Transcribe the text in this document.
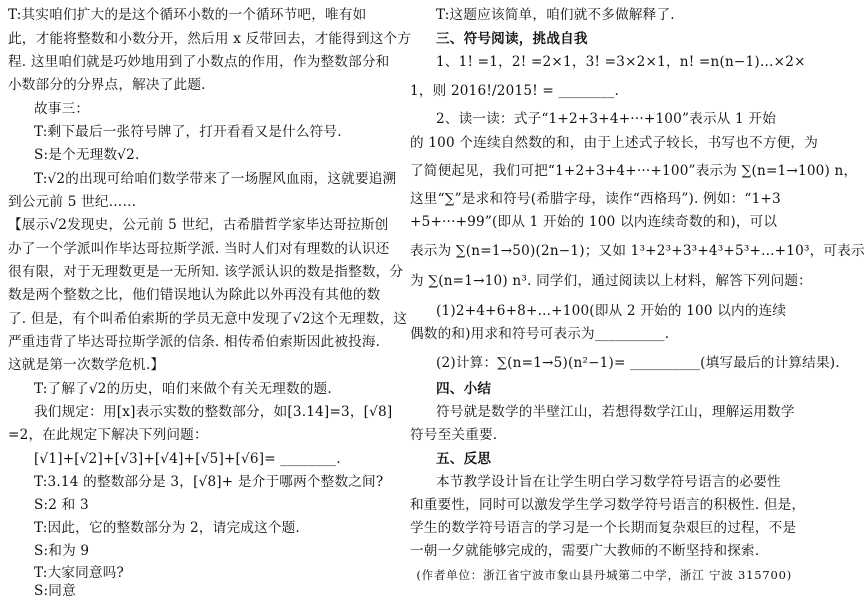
T:其实咱们扩大的是这个循环小数的一个循环节吧，唯有如
此，才能将整数和小数分开，然后用 x 反带回去，才能得到这个方
程. 这里咱们就是巧妙地用到了小数点的作用，作为整数部分和
小数部分的分界点，解决了此题.
故事三：
T:剩下最后一张符号牌了，打开看看又是什么符号.
S:是个无理数√2.
T:√2的出现可给咱们数学带来了一场腥风血雨，这就要追溯
到公元前 5 世纪……
【展示√2发现史，公元前 5 世纪，古希腊哲学家毕达哥拉斯创
办了一个学派叫作毕达哥拉斯学派. 当时人们对有理数的认识还
很有限，对于无理数更是一无所知. 该学派认识的数是指整数，分
数是两个整数之比，他们错误地认为除此以外再没有其他的数
了. 但是，有个叫希伯索斯的学员无意中发现了√2这个无理数，这
严重违背了毕达哥拉斯学派的信条. 相传希伯索斯因此被投海.
这就是第一次数学危机.】
T:了解了√2的历史，咱们来做个有关无理数的题.
我们规定：用[x]表示实数的整数部分，如[3.14]=3，[√8]
=2，在此规定下解决下列问题：
[√1]+[√2]+[√3]+[√4]+[√5]+[√6]= ________.
T:3.14 的整数部分是 3，[√8]+ 是介于哪两个整数之间?
S:2 和 3
T:因此，它的整数部分为 2，请完成这个题.
S:和为 9
T:大家同意吗?
S:同意
T:这题应该简单，咱们就不多做解释了.
三、符号阅读，挑战自我
1、1! =1，2! =2×1，3! =3×2×1，n! =n(n−1)…×2×
1，则 2016!/2015! = ________.
2、读一读：式子“1+2+3+4+···+100”表示从 1 开始
的 100 个连续自然数的和，由于上述式子较长，书写也不方便，为
了简便起见，我们可把“1+2+3+4+···+100”表示为 ∑(n=1→100) n，
这里“∑”是求和符号(希腊字母，读作“西格玛”). 例如：“1+3
+5+···+99”(即从 1 开始的 100 以内连续奇数的和)，可以
表示为 ∑(n=1→50)(2n−1)；又如 1³+2³+3³+4³+5³+...+10³，可表示
为 ∑(n=1→10) n³. 同学们，通过阅读以上材料，解答下列问题：
(1)2+4+6+8+...+100(即从 2 开始的 100 以内的连续
偶数的和)用求和符号可表示为__________.
(2)计算：∑(n=1→5)(n²−1)= __________(填写最后的计算结果).
四、小结
符号就是数学的半壁江山，若想得数学江山，理解运用数学
符号至关重要.
五、反思
本节教学设计旨在让学生明白学习数学符号语言的必要性
和重要性，同时可以激发学生学习数学符号语言的积极性. 但是，
学生的数学符号语言的学习是一个长期而复杂艰巨的过程，不是
一朝一夕就能够完成的，需要广大教师的不断坚持和探索.
(作者单位：浙江省宁波市象山县丹城第二中学，浙江 宁波 315700)
